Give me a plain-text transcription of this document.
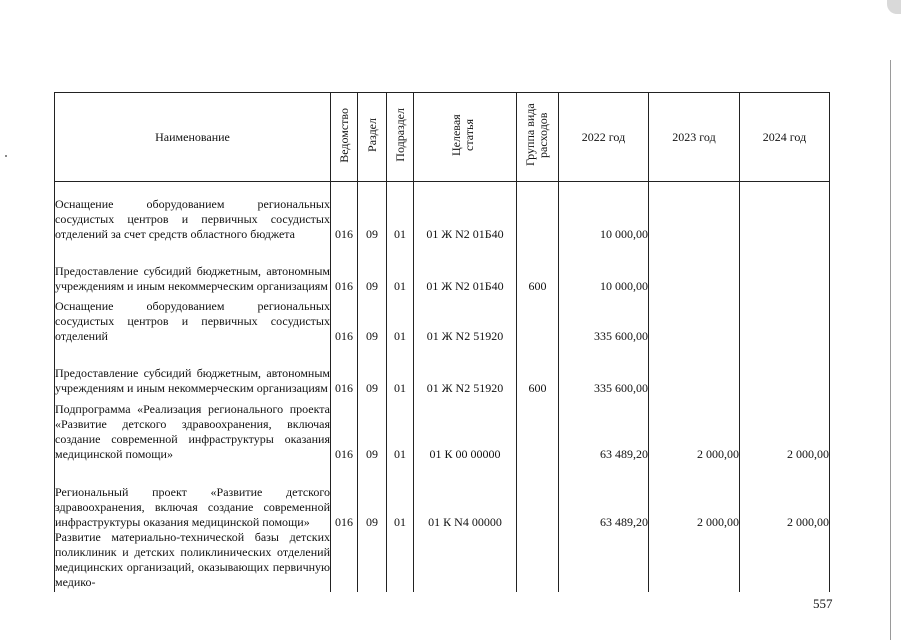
Наименование	Ведомство	Раздел	Подраздел	Целевая статья	Группа вида расходов	2022 год	2023 год	2024 год
Оснащение оборудованием региональных сосудистых центров и первичных сосудистых отделений за счет средств областного бюджета	016	09	01	01 Ж N2 01Б40		10 000,00		
Предоставление субсидий бюджетным, автономным учреждениям и иным некоммерческим организациям	016	09	01	01 Ж N2 01Б40	600	10 000,00		
Оснащение оборудованием региональных сосудистых центров и первичных сосудистых отделений	016	09	01	01 Ж N2 51920		335 600,00		
Предоставление субсидий бюджетным, автономным учреждениям и иным некоммерческим организациям	016	09	01	01 Ж N2 51920	600	335 600,00		
Подпрограмма «Реализация регионального проекта «Развитие детского здравоохранения, включая создание современной инфраструктуры оказания медицинской помощи»	016	09	01	01 К 00 00000		63 489,20	2 000,00	2 000,00
Региональный проект «Развитие детского здравоохранения, включая создание современной инфраструктуры оказания медицинской помощи»	016	09	01	01 К N4 00000		63 489,20	2 000,00	2 000,00
Развитие материально-технической базы детских поликлиник и детских поликлинических отделений медицинских организаций, оказывающих первичную медико-								
557
